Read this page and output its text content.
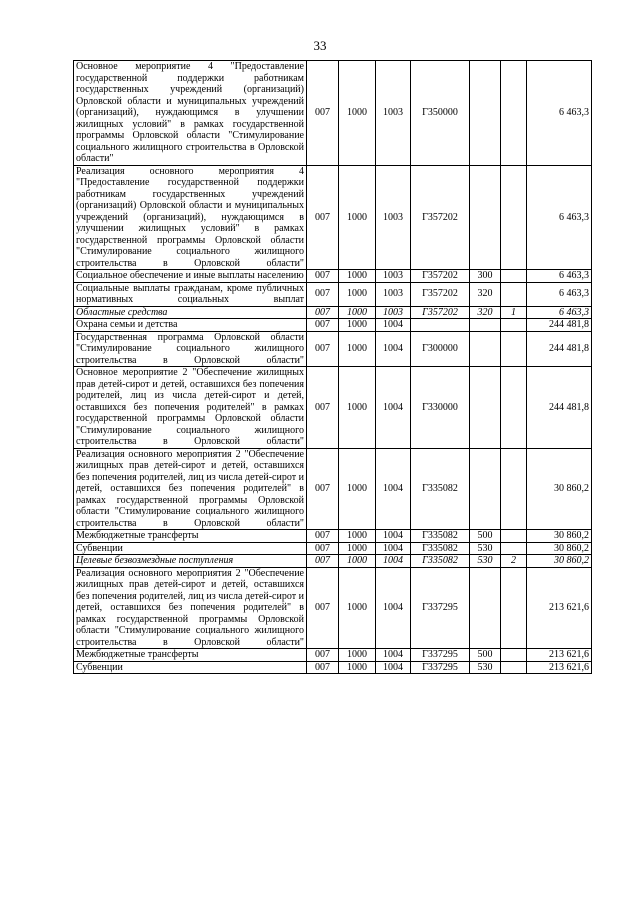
33
Основное мероприятие 4 "Предоставление государственной поддержки работникам государственных учреждений (организаций) Орловской области и муниципальных учреждений (организаций), нуждающимся в улучшении жилищных условий" в рамках государственной программы Орловской области "Стимулирование социального жилищного строительства в Орловской области"	007	1000	1003	Г350000			6 463,3
Реализация основного мероприятия 4 "Предоставление государственной поддержки работникам государственных учреждений (организаций) Орловской области и муниципальных учреждений (организаций), нуждающимся в улучшении жилищных условий" в рамках государственной программы Орловской области "Стимулирование социального жилищного строительства в Орловской области"	007	1000	1003	Г357202			6 463,3
Социальное обеспечение и иные выплаты населению	007	1000	1003	Г357202	300		6 463,3
Социальные выплаты гражданам, кроме публичных нормативных социальных выплат	007	1000	1003	Г357202	320		6 463,3
Областные средства	007	1000	1003	Г357202	320	1	6 463,3
Охрана семьи и детства	007	1000	1004				244 481,8
Государственная программа Орловской области "Стимулирование социального жилищного строительства в Орловской области"	007	1000	1004	Г300000			244 481,8
Основное мероприятие 2 "Обеспечение жилищных прав детей-сирот и детей, оставшихся без попечения родителей, лиц из числа детей-сирот и детей, оставшихся без попечения родителей" в рамках государственной программы Орловской области "Стимулирование социального жилищного строительства в Орловской области"	007	1000	1004	Г330000			244 481,8
Реализация основного мероприятия 2 "Обеспечение жилищных прав детей-сирот и детей, оставшихся без попечения родителей, лиц из числа детей-сирот и детей, оставшихся без попечения родителей" в рамках государственной программы Орловской области "Стимулирование социального жилищного строительства в Орловской области"	007	1000	1004	Г335082			30 860,2
Межбюджетные трансферты	007	1000	1004	Г335082	500		30 860,2
Субвенции	007	1000	1004	Г335082	530		30 860,2
Целевые безвозмездные поступления	007	1000	1004	Г335082	530	2	30 860,2
Реализация основного мероприятия 2 "Обеспечение жилищных прав детей-сирот и детей, оставшихся без попечения родителей, лиц из числа детей-сирот и детей, оставшихся без попечения родителей" в рамках государственной программы Орловской области "Стимулирование социального жилищного строительства в Орловской области"	007	1000	1004	Г337295			213 621,6
Межбюджетные трансферты	007	1000	1004	Г337295	500		213 621,6
Субвенции	007	1000	1004	Г337295	530		213 621,6
